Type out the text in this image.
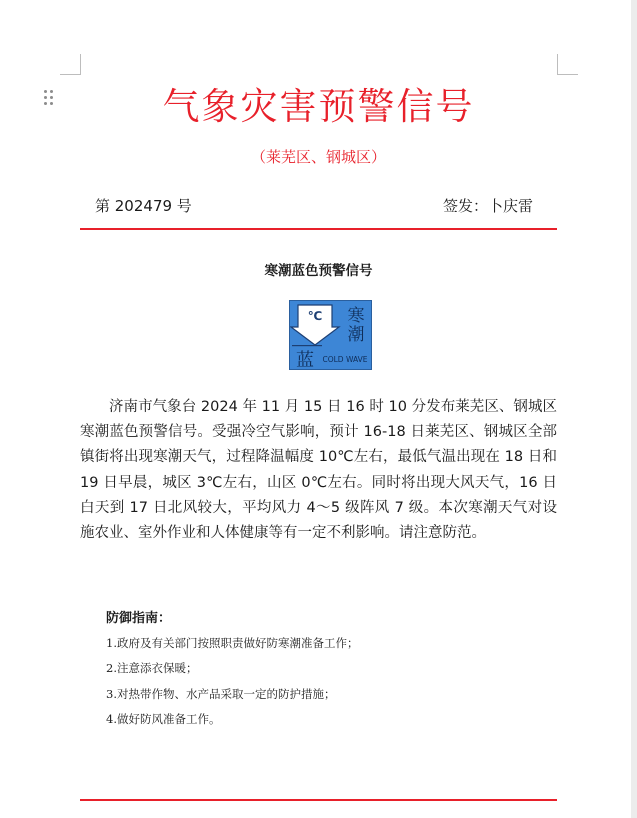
气象灾害预警信号
（莱芜区、钢城区）
第 202479 号	签发：卜庆雷
寒潮蓝色预警信号
℃ 寒
潮
蓝 COLD WAVE

济南市气象台 2024 年 11 月 15 日 16 时 10 分发布莱芜区、钢城区寒潮蓝色预警信号。受强冷空气影响，预计 16-18 日莱芜区、钢城区全部镇街将出现寒潮天气，过程降温幅度 10℃左右，最低气温出现在 18 日和 19 日早晨，城区 3℃左右，山区 0℃左右。同时将出现大风天气，16 日白天到 17 日北风较大，平均风力 4～5 级阵风 7 级。本次寒潮天气对设施农业、室外作业和人体健康等有一定不利影响。请注意防范。

防御指南：
1.政府及有关部门按照职责做好防寒潮准备工作；
2.注意添衣保暖；
3.对热带作物、水产品采取一定的防护措施；
4.做好防风准备工作。
